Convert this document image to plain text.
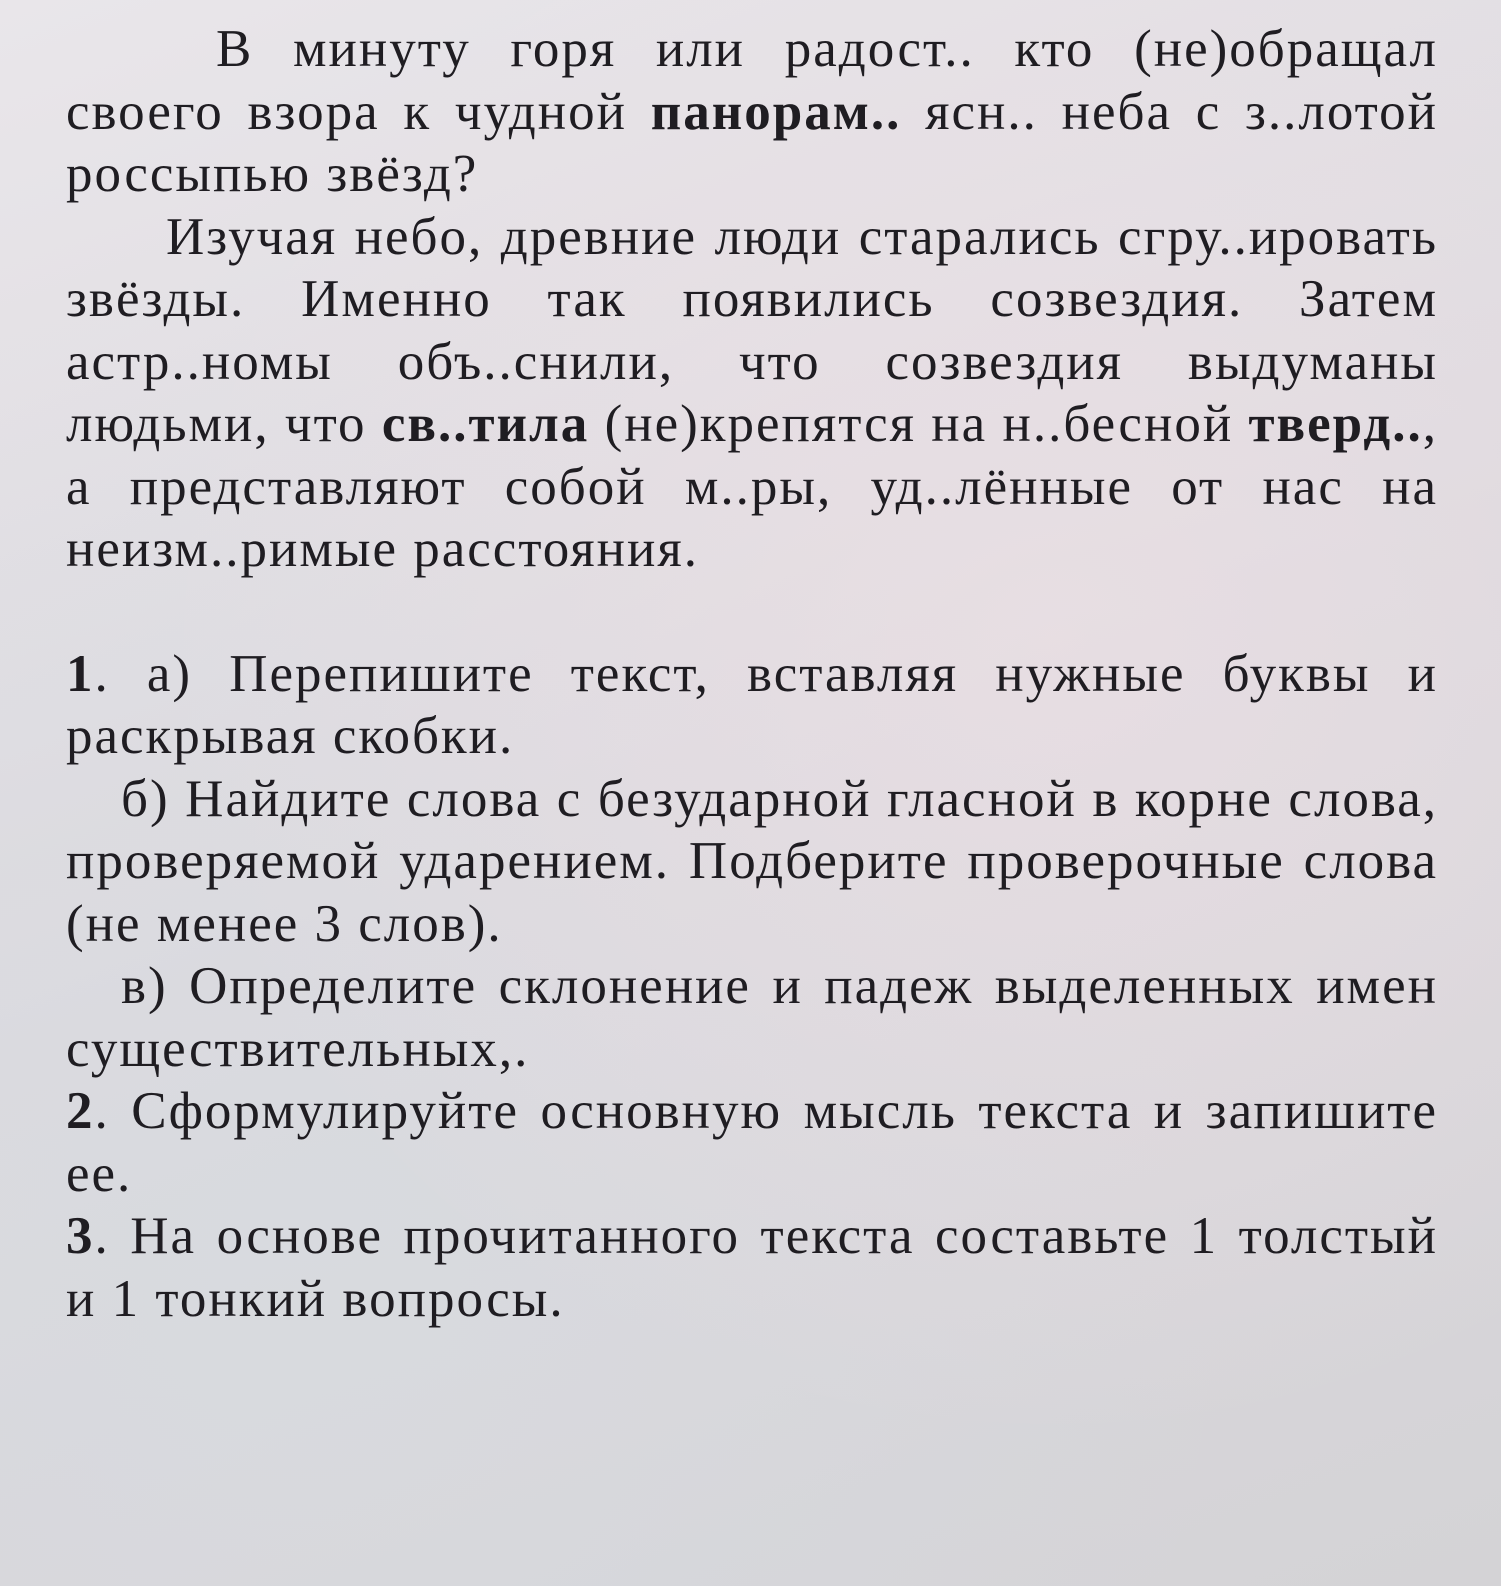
В минуту горя или радост.. кто (не)обращал своего взора к чудной панорам.. ясн.. неба с з..лотой россыпью звёзд?

Изучая небо, древние люди старались сгру..ировать звёзды. Именно так появились созвездия. Затем астр..номы объ..снили, что созвездия выдуманы людьми, что св..тила (не)крепятся на н..бесной тверд.., а представляют собой м..ры, уд..лённые от нас на неизм..римые расстояния.

1. а) Перепишите текст, вставляя нужные буквы и раскрывая скобки.

б) Найдите слова с безударной гласной в корне слова, проверяемой ударением. Подберите проверочные слова (не менее 3 слов).

в) Определите склонение и падеж выделенных имен существительных,.

2. Сформулируйте основную мысль текста и запишите ее.

3. На основе прочитанного текста составьте 1 толстый и 1 тонкий вопросы.
